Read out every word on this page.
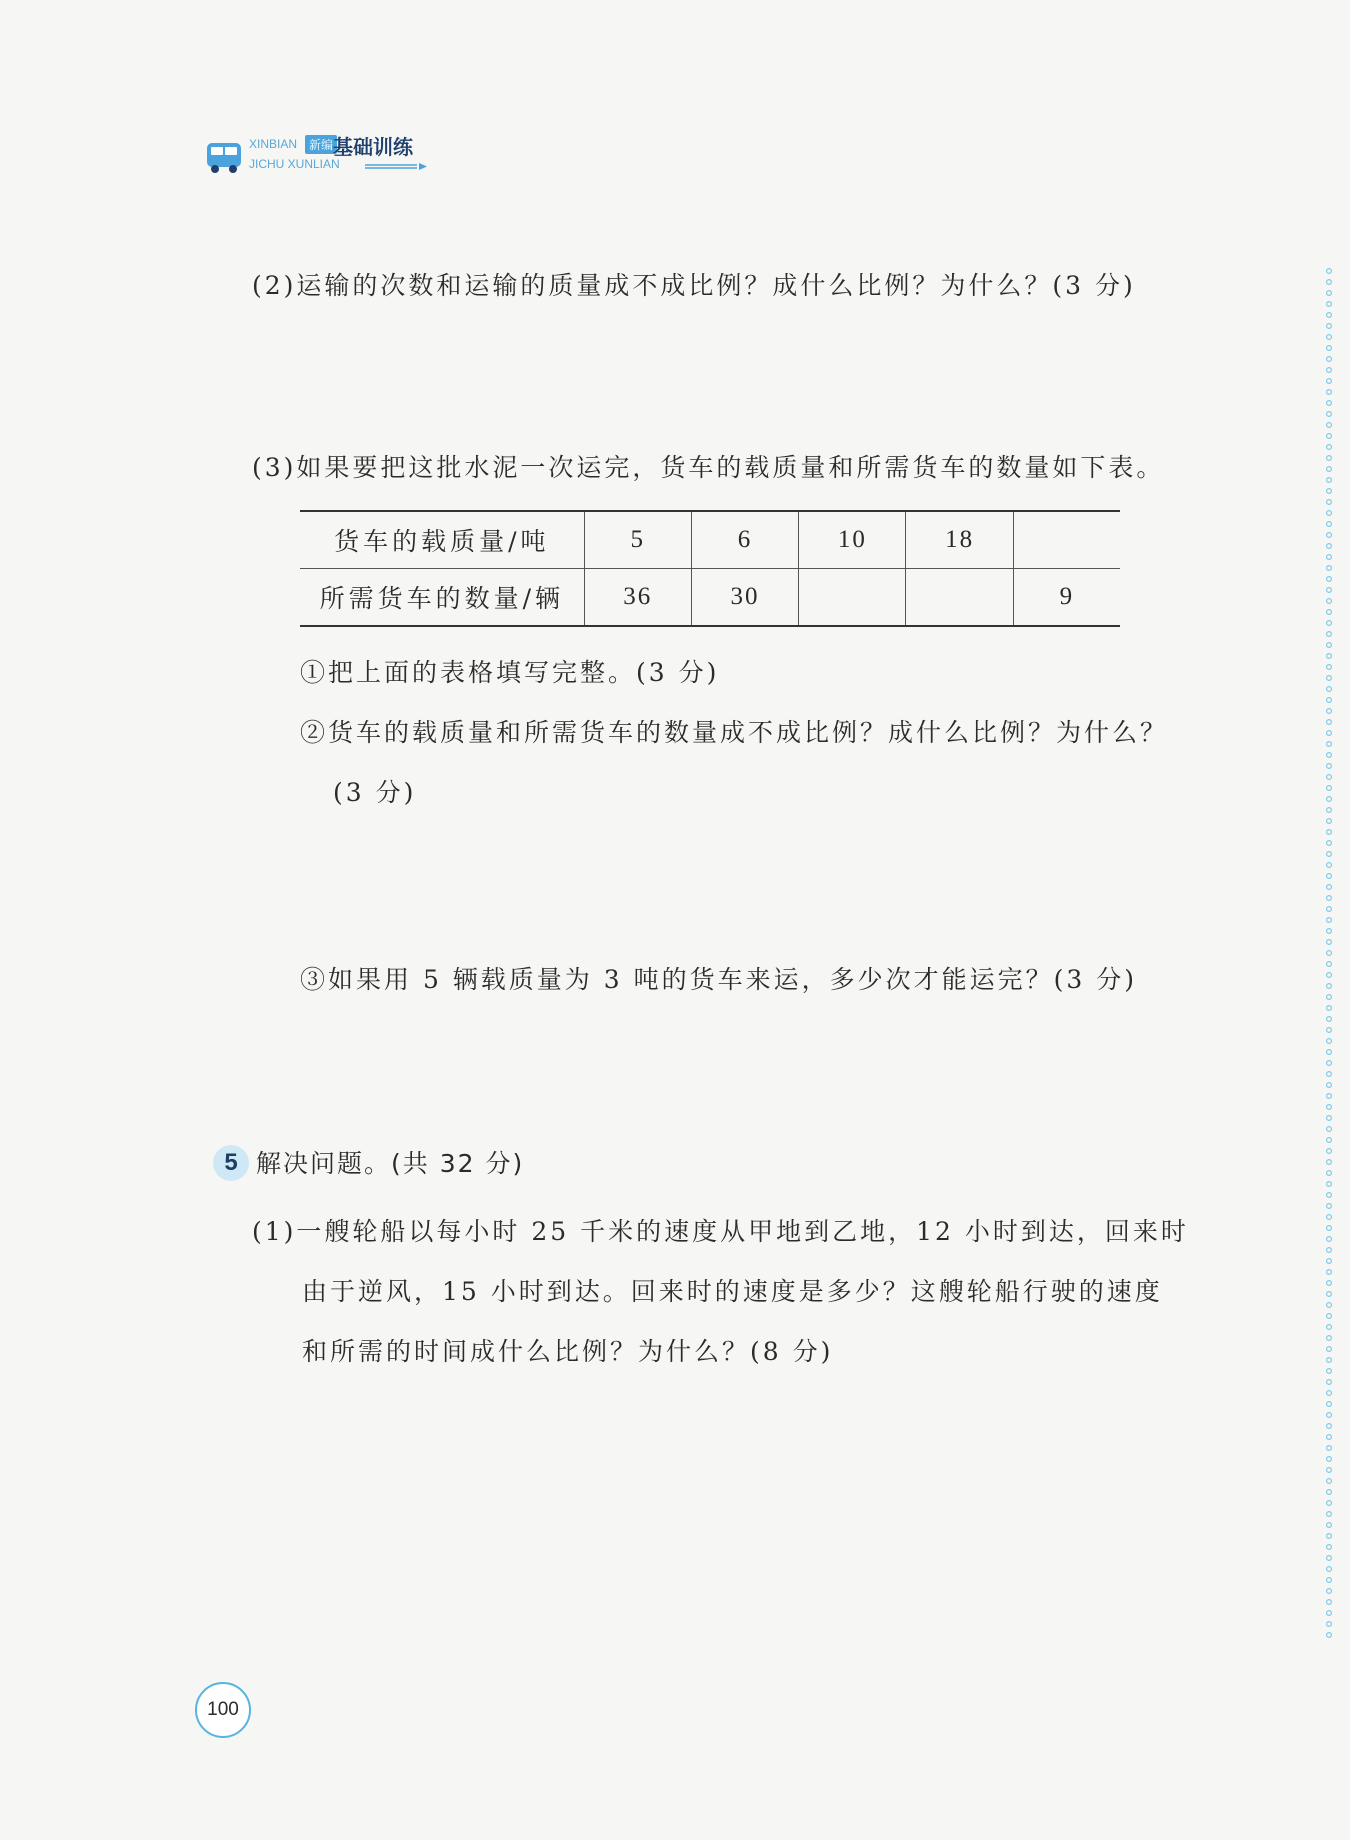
XINBIAN 新编 基础训练
JICHU XUNLIAN
(2)运输的次数和运输的质量成不成比例？成什么比例？为什么？(3 分)
(3)如果要把这批水泥一次运完，货车的载质量和所需货车的数量如下表。
货车的载质量/吨	5	6	10	18	
所需货车的数量/辆	36	30			9
①把上面的表格填写完整。(3 分)
②货车的载质量和所需货车的数量成不成比例？成什么比例？为什么？
(3 分)
③如果用 5 辆载质量为 3 吨的货车来运，多少次才能运完？(3 分)
5 解决问题。(共 32 分)
(1)一艘轮船以每小时 25 千米的速度从甲地到乙地，12 小时到达，回来时
由于逆风，15 小时到达。回来时的速度是多少？这艘轮船行驶的速度
和所需的时间成什么比例？为什么？(8 分)
100
